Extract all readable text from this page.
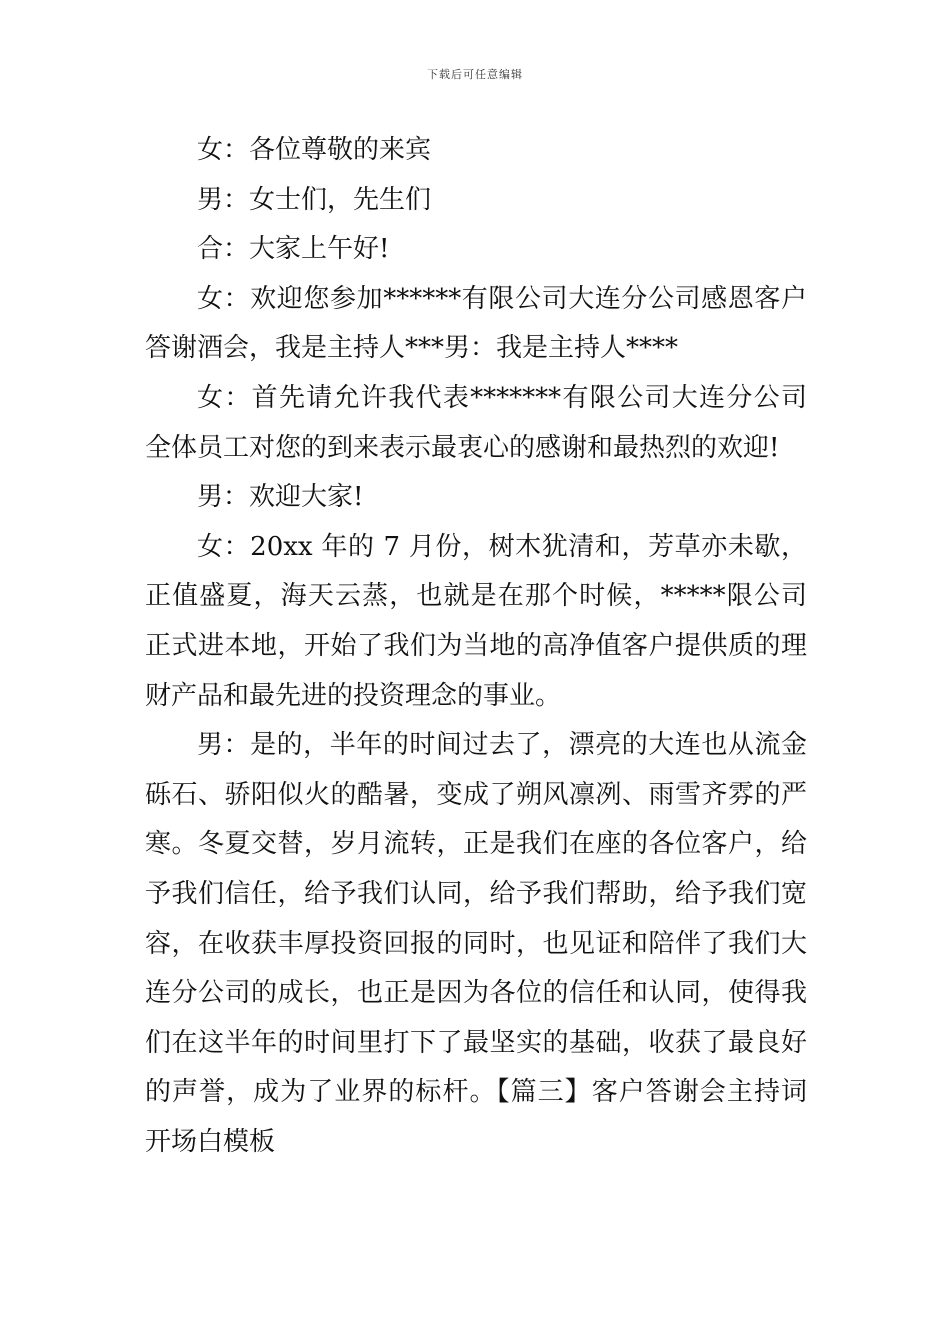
下载后可任意编辑

女：各位尊敬的来宾

男：女士们，先生们

合：大家上午好!

女：欢迎您参加******有限公司大连分公司感恩客户答谢酒会，我是主持人***男：我是主持人****

女：首先请允许我代表*******有限公司大连分公司全体员工对您的到来表示最衷心的感谢和最热烈的欢迎!

男：欢迎大家!

女：20xx 年的 7 月份，树木犹清和，芳草亦未歇，正值盛夏，海天云蒸，也就是在那个时候，*****限公司正式进本地，开始了我们为当地的高净值客户提供质的理财产品和最先进的投资理念的事业。

男：是的，半年的时间过去了，漂亮的大连也从流金砾石、骄阳似火的酷暑，变成了朔风凛冽、雨雪齐雰的严寒。冬夏交替，岁月流转，正是我们在座的各位客户，给予我们信任，给予我们认同，给予我们帮助，给予我们宽容，在收获丰厚投资回报的同时，也见证和陪伴了我们大连分公司的成长，也正是因为各位的信任和认同，使得我们在这半年的时间里打下了最坚实的基础，收获了最良好的声誉，成为了业界的标杆。【篇三】客户答谢会主持词开场白模板
